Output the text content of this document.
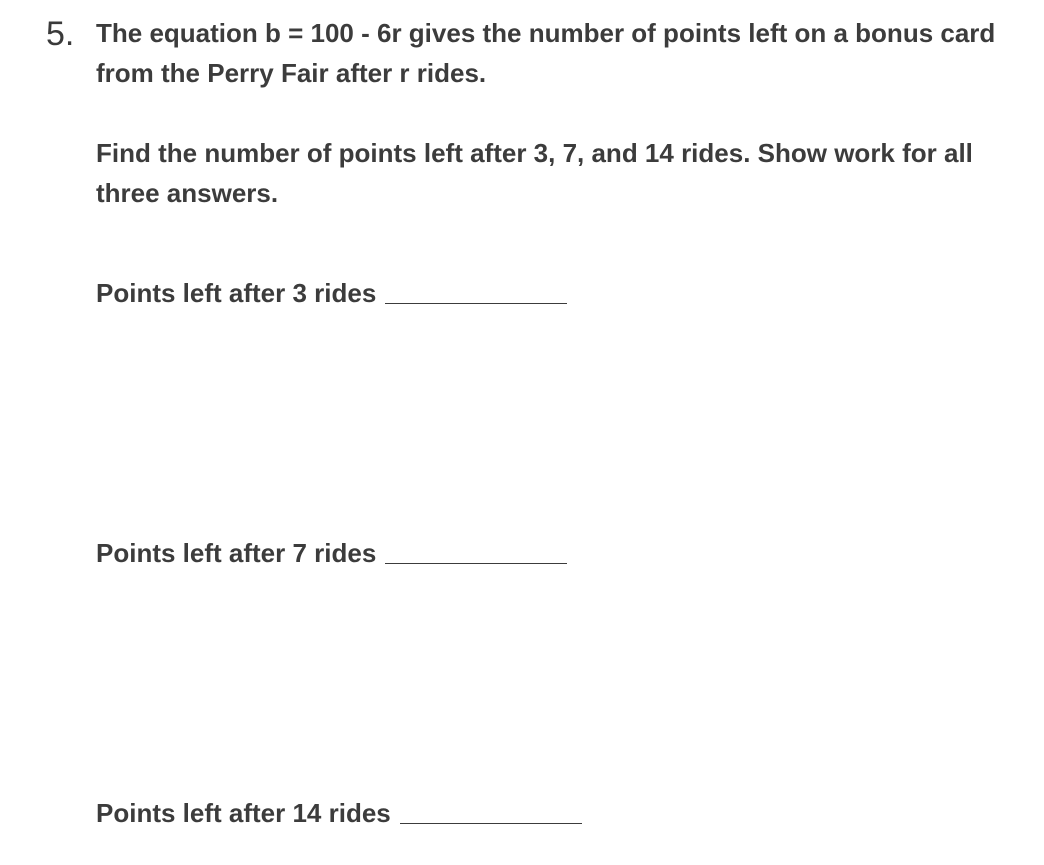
5. The equation b = 100 - 6r gives the number of points left on a bonus card from the Perry Fair after r rides.

Find the number of points left after 3, 7, and 14 rides. Show work for all three answers.

Points left after 3 rides
Points left after 7 rides
Points left after 14 rides
